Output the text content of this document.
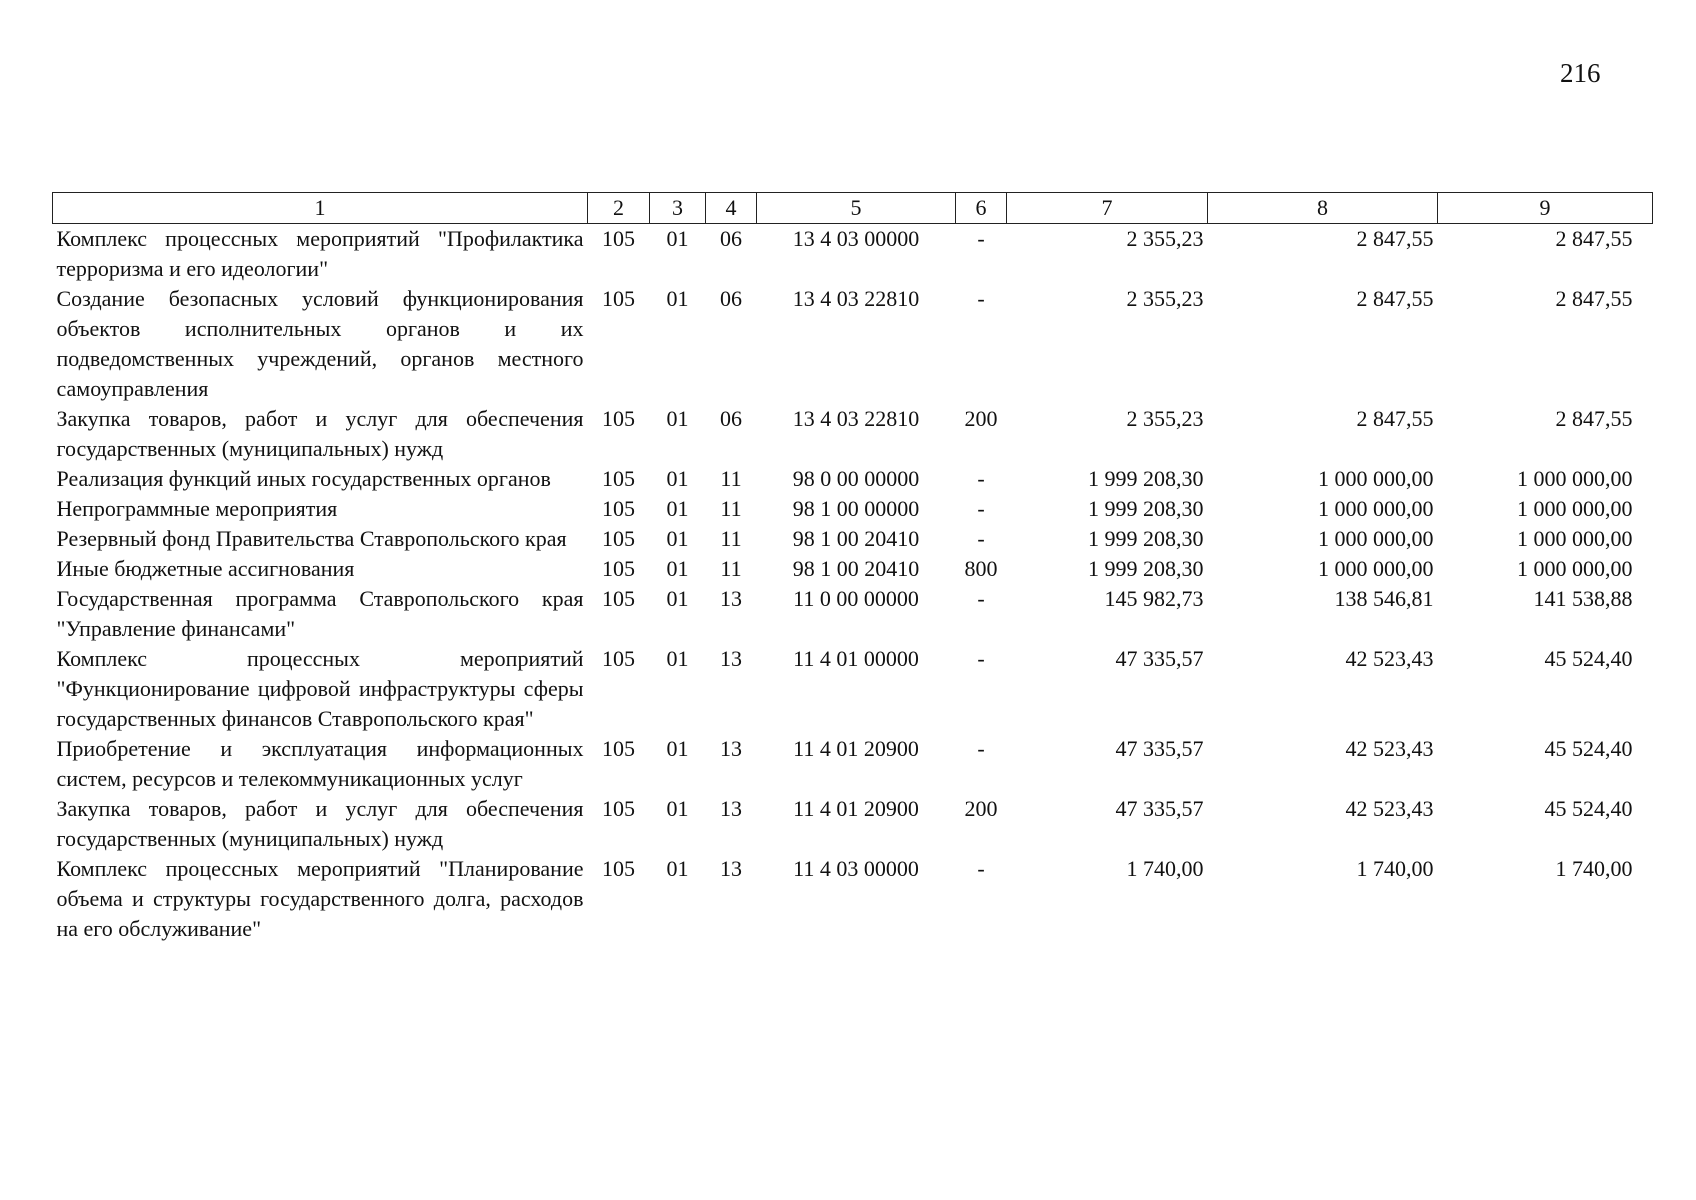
216
1	2	3	4	5	6	7	8	9
Комплекс процессных мероприятий "Профилактика терроризма и его идеологии"	105	01	06	13 4 03 00000	-	2 355,23	2 847,55	2 847,55
Создание безопасных условий функционирования объектов исполнительных органов и их подведомственных учреждений, органов местного самоуправления	105	01	06	13 4 03 22810	-	2 355,23	2 847,55	2 847,55
Закупка товаров, работ и услуг для обеспечения государственных (муниципальных) нужд	105	01	06	13 4 03 22810	200	2 355,23	2 847,55	2 847,55
Реализация функций иных государственных органов	105	01	11	98 0 00 00000	-	1 999 208,30	1 000 000,00	1 000 000,00
Непрограммные мероприятия	105	01	11	98 1 00 00000	-	1 999 208,30	1 000 000,00	1 000 000,00
Резервный фонд Правительства Ставропольского края	105	01	11	98 1 00 20410	-	1 999 208,30	1 000 000,00	1 000 000,00
Иные бюджетные ассигнования	105	01	11	98 1 00 20410	800	1 999 208,30	1 000 000,00	1 000 000,00
Государственная программа Ставропольского края "Управление финансами"	105	01	13	11 0 00 00000	-	145 982,73	138 546,81	141 538,88
Комплекс процессных мероприятий "Функционирование цифровой инфраструктуры сферы государственных финансов Ставропольского края"	105	01	13	11 4 01 00000	-	47 335,57	42 523,43	45 524,40
Приобретение и эксплуатация информационных систем, ресурсов и телекоммуникационных услуг	105	01	13	11 4 01 20900	-	47 335,57	42 523,43	45 524,40
Закупка товаров, работ и услуг для обеспечения государственных (муниципальных) нужд	105	01	13	11 4 01 20900	200	47 335,57	42 523,43	45 524,40
Комплекс процессных мероприятий "Планирование объема и структуры государственного долга, расходов на его обслуживание"	105	01	13	11 4 03 00000	-	1 740,00	1 740,00	1 740,00
